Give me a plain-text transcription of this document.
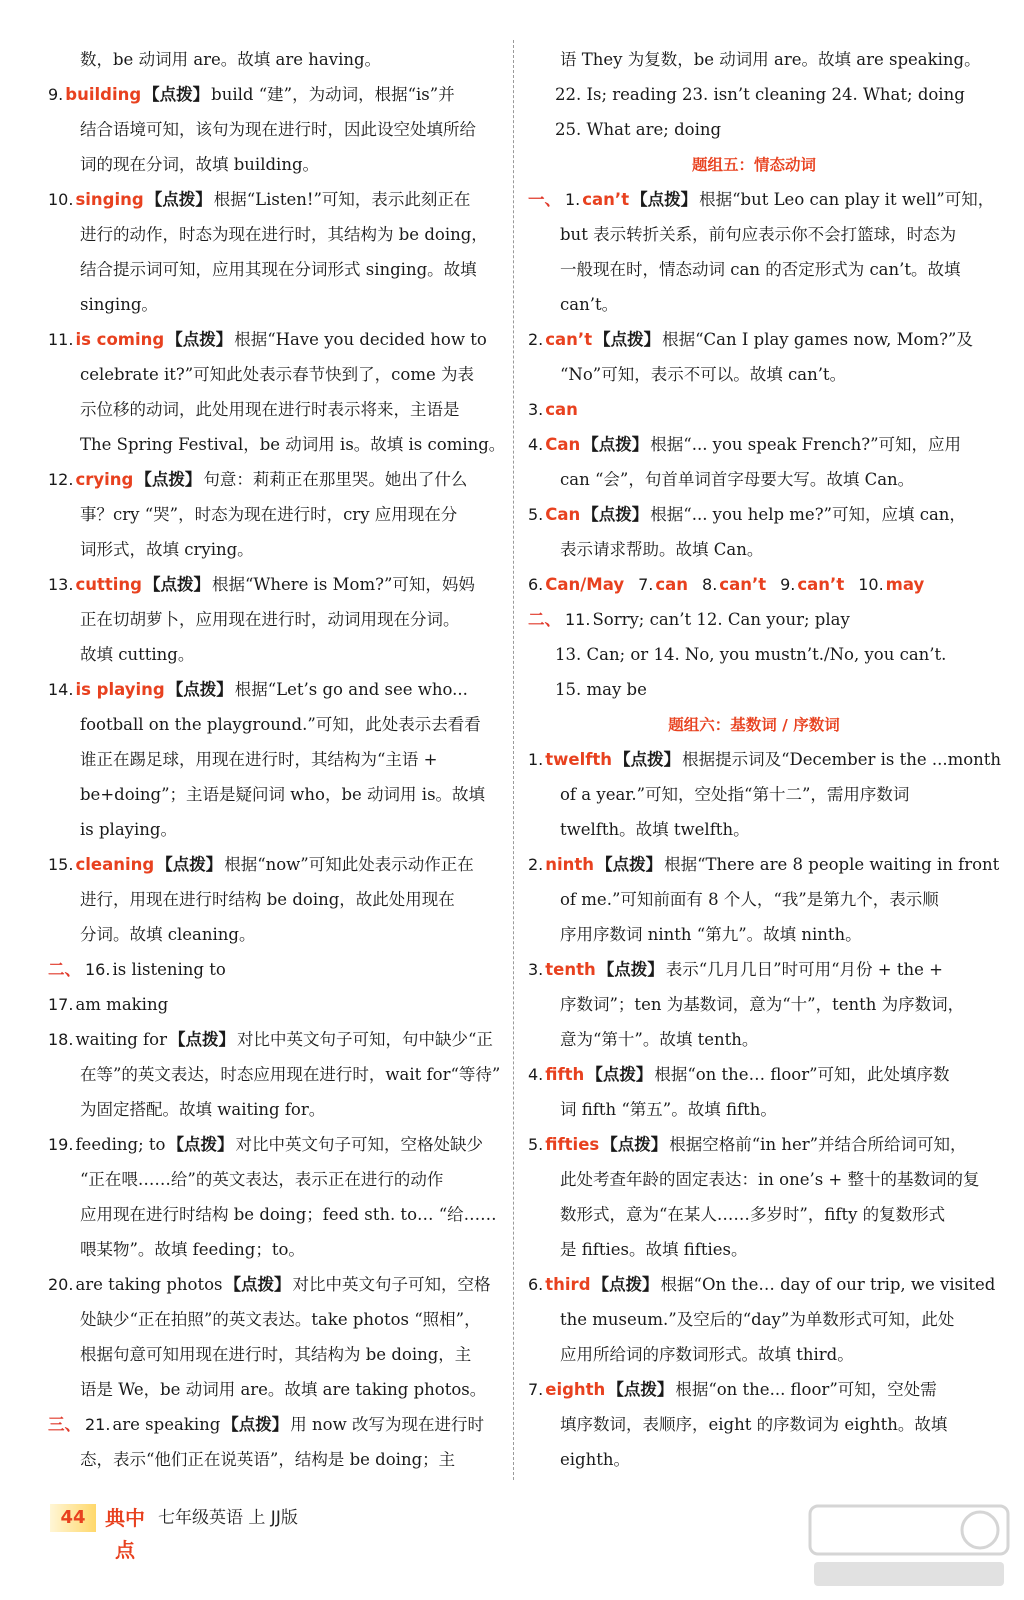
数，be 动词用 are。故填 are having。
9. building 【点拨】 build “建”，为动词，根据“is”并
结合语境可知，该句为现在进行时，因此设空处填所给
词的现在分词，故填 building。
10. singing 【点拨】 根据“Listen!”可知，表示此刻正在
进行的动作，时态为现在进行时，其结构为 be doing，
结合提示词可知，应用其现在分词形式 singing。故填
singing。
11. is coming 【点拨】 根据“Have you decided how to
celebrate it?”可知此处表示春节快到了，come 为表
示位移的动词，此处用现在进行时表示将来，主语是
The Spring Festival，be 动词用 is。故填 is coming。
12. crying 【点拨】 句意：莉莉正在那里哭。她出了什么
事？cry “哭”，时态为现在进行时，cry 应用现在分
词形式，故填 crying。
13. cutting 【点拨】 根据“Where is Mom?”可知，妈妈
正在切胡萝卜，应用现在进行时，动词用现在分词。
故填 cutting。
14. is playing 【点拨】 根据“Let’s go and see who...
football on the playground.”可知，此处表示去看看
谁正在踢足球，用现在进行时，其结构为“主语 +
be+doing”；主语是疑问词 who，be 动词用 is。故填
is playing。
15. cleaning 【点拨】 根据“now”可知此处表示动作正在
进行，用现在进行时结构 be doing，故此处用现在
分词。故填 cleaning。
二、 16. is listening to
17. am making
18. waiting for 【点拨】 对比中英文句子可知，句中缺少“正
在等”的英文表达，时态应用现在进行时，wait for“等待”
为固定搭配。故填 waiting for。
19. feeding; to 【点拨】 对比中英文句子可知，空格处缺少
“正在喂……给”的英文表达，表示正在进行的动作
应用现在进行时结构 be doing；feed sth. to… “给……
喂某物”。故填 feeding；to。
20. are taking photos 【点拨】 对比中英文句子可知，空格
处缺少“正在拍照”的英文表达。take photos “照相”，
根据句意可知用现在进行时，其结构为 be doing，主
语是 We，be 动词用 are。故填 are taking photos。
三、 21. are speaking 【点拨】 用 now 改写为现在进行时
态，表示“他们正在说英语”，结构是 be doing；主
语 They 为复数，be 动词用 are。故填 are speaking。
22. Is; reading 23. isn’t cleaning 24. What; doing
25. What are; doing
题组五：情态动词
一、 1. can’t 【点拨】 根据“but Leo can play it well”可知，
but 表示转折关系，前句应表示你不会打篮球，时态为
一般现在时，情态动词 can 的否定形式为 can’t。故填
can’t。
2. can’t 【点拨】 根据“Can I play games now, Mom?”及
“No”可知，表示不可以。故填 can’t。
3. can
4. Can 【点拨】 根据“... you speak French?”可知，应用
can “会”，句首单词首字母要大写。故填 Can。
5. Can 【点拨】 根据“... you help me?”可知，应填 can，
表示请求帮助。故填 Can。
6. Can/May 7. can 8. can’t 9. can’t 10. may
二、 11. Sorry; can’t 12. Can your; play
13. Can; or 14. No, you mustn’t./No, you can’t.
15. may be
题组六：基数词 / 序数词
1. twelfth 【点拨】 根据提示词及“December is the ...month
of a year.”可知，空处指“第十二”，需用序数词
twelfth。故填 twelfth。
2. ninth 【点拨】 根据“There are 8 people waiting in front
of me.”可知前面有 8 个人，“我”是第九个，表示顺
序用序数词 ninth “第九”。故填 ninth。
3. tenth 【点拨】 表示“几月几日”时可用“月份 + the +
序数词”；ten 为基数词，意为“十”，tenth 为序数词，
意为“第十”。故填 tenth。
4. fifth 【点拨】 根据“on the… floor”可知，此处填序数
词 fifth “第五”。故填 fifth。
5. fifties 【点拨】 根据空格前“in her”并结合所给词可知，
此处考查年龄的固定表达：in one’s + 整十的基数词的复
数形式，意为“在某人……多岁时”，fifty 的复数形式
是 fifties。故填 fifties。
6. third 【点拨】 根据“On the… day of our trip, we visited
the museum.”及空后的“day”为单数形式可知，此处
应用所给词的序数词形式。故填 third。
7. eighth 【点拨】 根据“on the... floor”可知，空处需
填序数词，表顺序，eight 的序数词为 eighth。故填
eighth。
44 典中点
七年级英语 上 JJ版
